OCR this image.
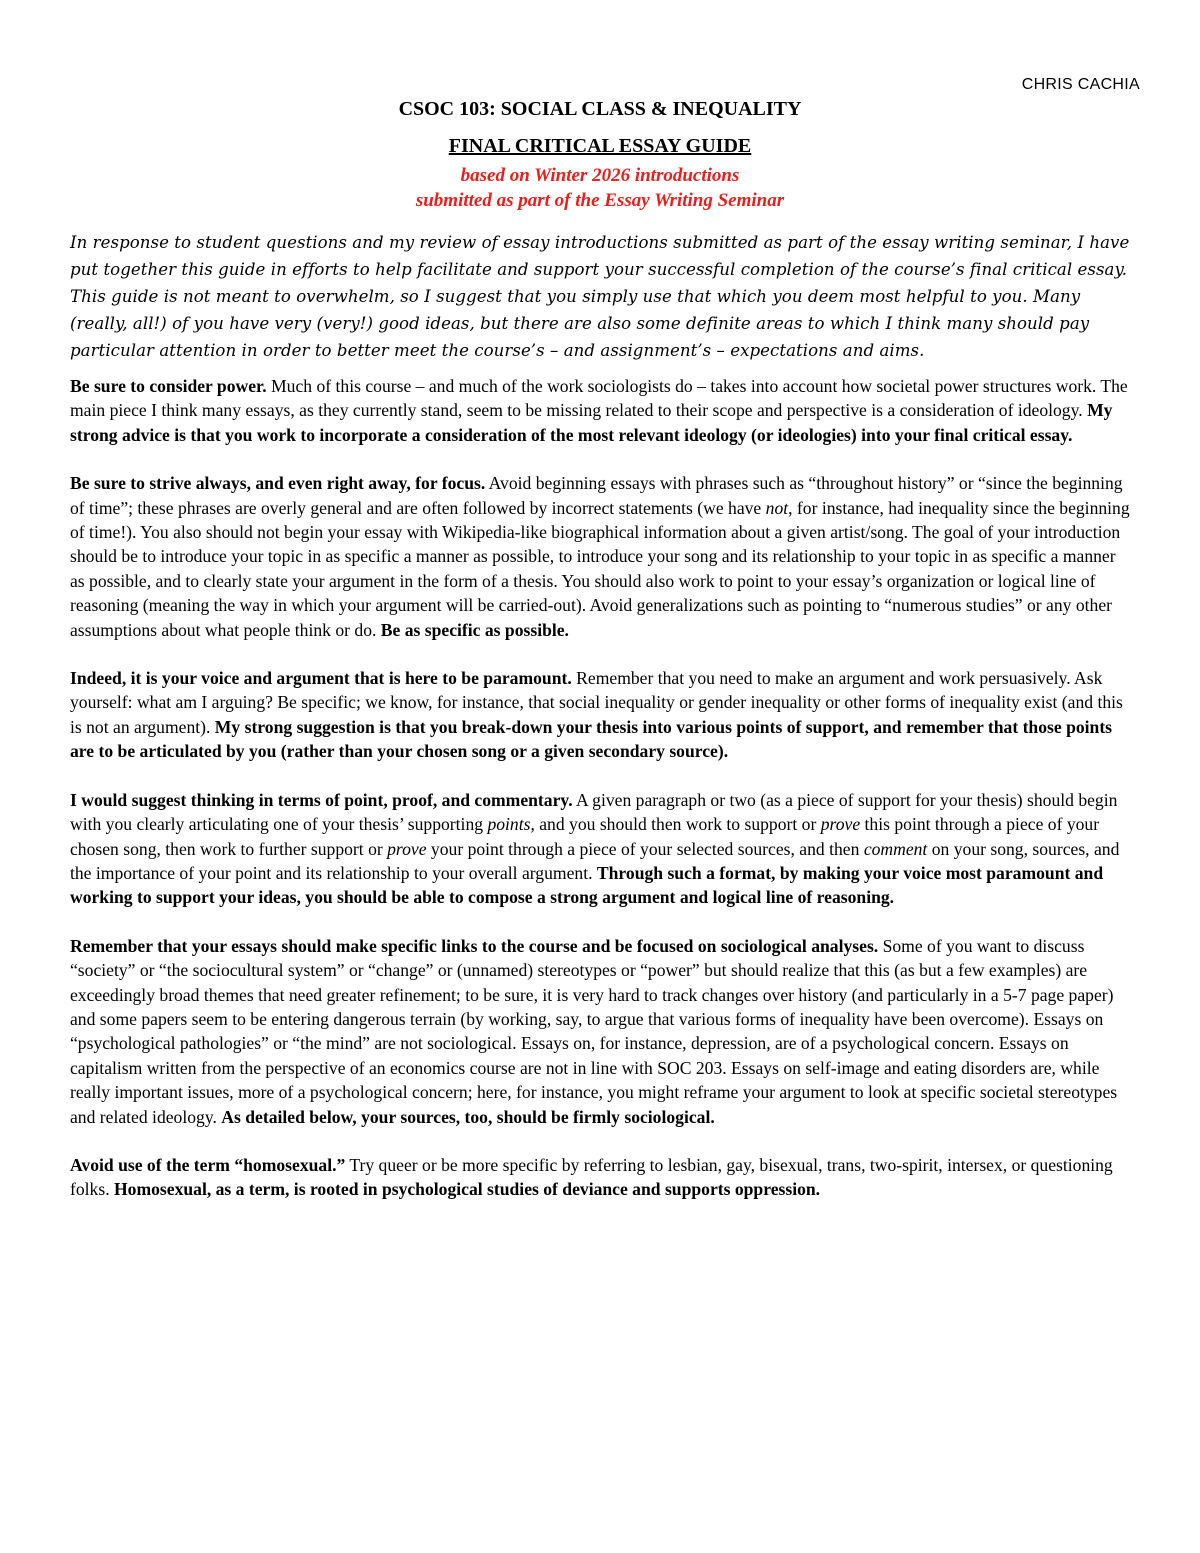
CHRIS CACHIA
CSOC 103: SOCIAL CLASS & INEQUALITY
FINAL CRITICAL ESSAY GUIDE
based on Winter 2026 introductions
submitted as part of the Essay Writing Seminar

In response to student questions and my review of essay introductions submitted as part of the essay writing seminar, I have put together this guide in efforts to help facilitate and support your successful completion of the course’s final critical essay. This guide is not meant to overwhelm, so I suggest that you simply use that which you deem most helpful to you. Many (really, all!) of you have very (very!) good ideas, but there are also some definite areas to which I think many should pay particular attention in order to better meet the course’s – and assignment’s – expectations and aims.

Be sure to consider power. Much of this course – and much of the work sociologists do – takes into account how societal power structures work. The main piece I think many essays, as they currently stand, seem to be missing related to their scope and perspective is a consideration of ideology. My strong advice is that you work to incorporate a consideration of the most relevant ideology (or ideologies) into your final critical essay.

Be sure to strive always, and even right away, for focus. Avoid beginning essays with phrases such as “throughout history” or “since the beginning of time”; these phrases are overly general and are often followed by incorrect statements (we have not, for instance, had inequality since the beginning of time!). You also should not begin your essay with Wikipedia-like biographical information about a given artist/song. The goal of your introduction should be to introduce your topic in as specific a manner as possible, to introduce your song and its relationship to your topic in as specific a manner as possible, and to clearly state your argument in the form of a thesis. You should also work to point to your essay’s organization or logical line of reasoning (meaning the way in which your argument will be carried-out). Avoid generalizations such as pointing to “numerous studies” or any other assumptions about what people think or do. Be as specific as possible.

Indeed, it is your voice and argument that is here to be paramount. Remember that you need to make an argument and work persuasively. Ask yourself: what am I arguing? Be specific; we know, for instance, that social inequality or gender inequality or other forms of inequality exist (and this is not an argument). My strong suggestion is that you break-down your thesis into various points of support, and remember that those points are to be articulated by you (rather than your chosen song or a given secondary source).

I would suggest thinking in terms of point, proof, and commentary. A given paragraph or two (as a piece of support for your thesis) should begin with you clearly articulating one of your thesis’ supporting points, and you should then work to support or prove this point through a piece of your chosen song, then work to further support or prove your point through a piece of your selected sources, and then comment on your song, sources, and the importance of your point and its relationship to your overall argument. Through such a format, by making your voice most paramount and working to support your ideas, you should be able to compose a strong argument and logical line of reasoning.

Remember that your essays should make specific links to the course and be focused on sociological analyses. Some of you want to discuss “society” or “the sociocultural system” or “change” or (unnamed) stereotypes or “power” but should realize that this (as but a few examples) are exceedingly broad themes that need greater refinement; to be sure, it is very hard to track changes over history (and particularly in a 5-7 page paper) and some papers seem to be entering dangerous terrain (by working, say, to argue that various forms of inequality have been overcome). Essays on “psychological pathologies” or “the mind” are not sociological. Essays on, for instance, depression, are of a psychological concern. Essays on capitalism written from the perspective of an economics course are not in line with SOC 203. Essays on self-image and eating disorders are, while really important issues, more of a psychological concern; here, for instance, you might reframe your argument to look at specific societal stereotypes and related ideology. As detailed below, your sources, too, should be firmly sociological.

Avoid use of the term “homosexual.” Try queer or be more specific by referring to lesbian, gay, bisexual, trans, two-spirit, intersex, or questioning folks. Homosexual, as a term, is rooted in psychological studies of deviance and supports oppression.
